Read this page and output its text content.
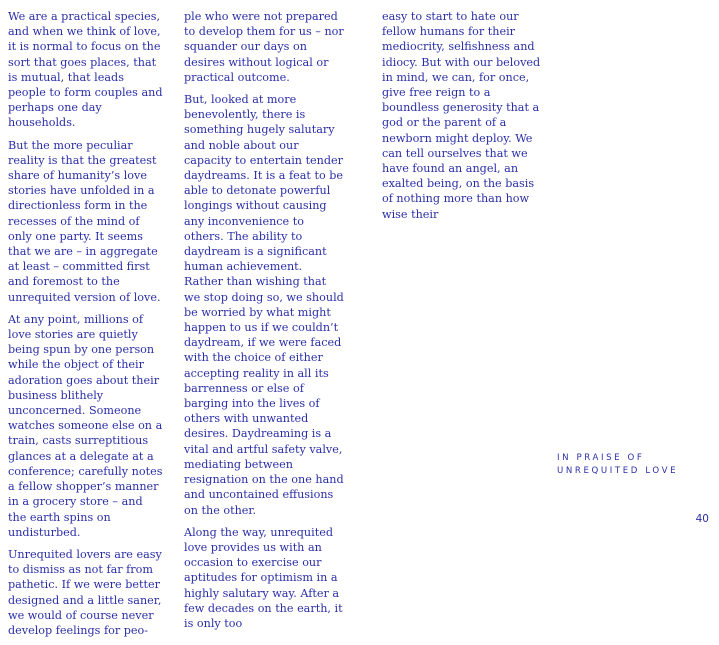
We are a practical species, and when we think of love, it is normal to focus on the sort that goes places, that is mutual, that leads people to form couples and perhaps one day households.

But the more peculiar reality is that the greatest share of humanity’s love stories have unfolded in a directionless form in the recesses of the mind of only one party. It seems that we are – in aggregate at least – committed first and foremost to the unrequited version of love.

At any point, millions of love stories are quietly being spun by one person while the object of their adoration goes about their business blithely unconcerned. Someone watches someone else on a train, casts surreptitious glances at a delegate at a conference; carefully notes a fellow shopper’s manner in a grocery store – and the earth spins on undisturbed.

Unrequited lovers are easy to dismiss as not far from pathetic. If we were better designed and a little saner, we would of course never develop feelings for peo-

ple who were not prepared to develop them for us – nor squander our days on desires without logical or practical outcome.

But, looked at more benevolently, there is something hugely salutary and noble about our capacity to entertain tender daydreams. It is a feat to be able to detonate powerful longings without causing any inconvenience to others. The ability to daydream is a significant human achievement. Rather than wishing that we stop doing so, we should be worried by what might happen to us if we couldn’t daydream, if we were faced with the choice of either accepting reality in all its barrenness or else of barging into the lives of others with unwanted desires. Daydreaming is a vital and artful safety valve, mediating between resignation on the one hand and uncontained effusions on the other.

Along the way, unrequited love provides us with an occasion to exercise our aptitudes for optimism in a highly salutary way. After a few decades on the earth, it is only too

easy to start to hate our fellow humans for their mediocrity, selfishness and idiocy. But with our beloved in mind, we can, for once, give free reign to a boundless generosity that a god or the parent of a newborn might deploy. We can tell ourselves that we have found an angel, an exalted being, on the basis of nothing more than how wise their

IN PRAISE OF
UNREQUITED LOVE
40
